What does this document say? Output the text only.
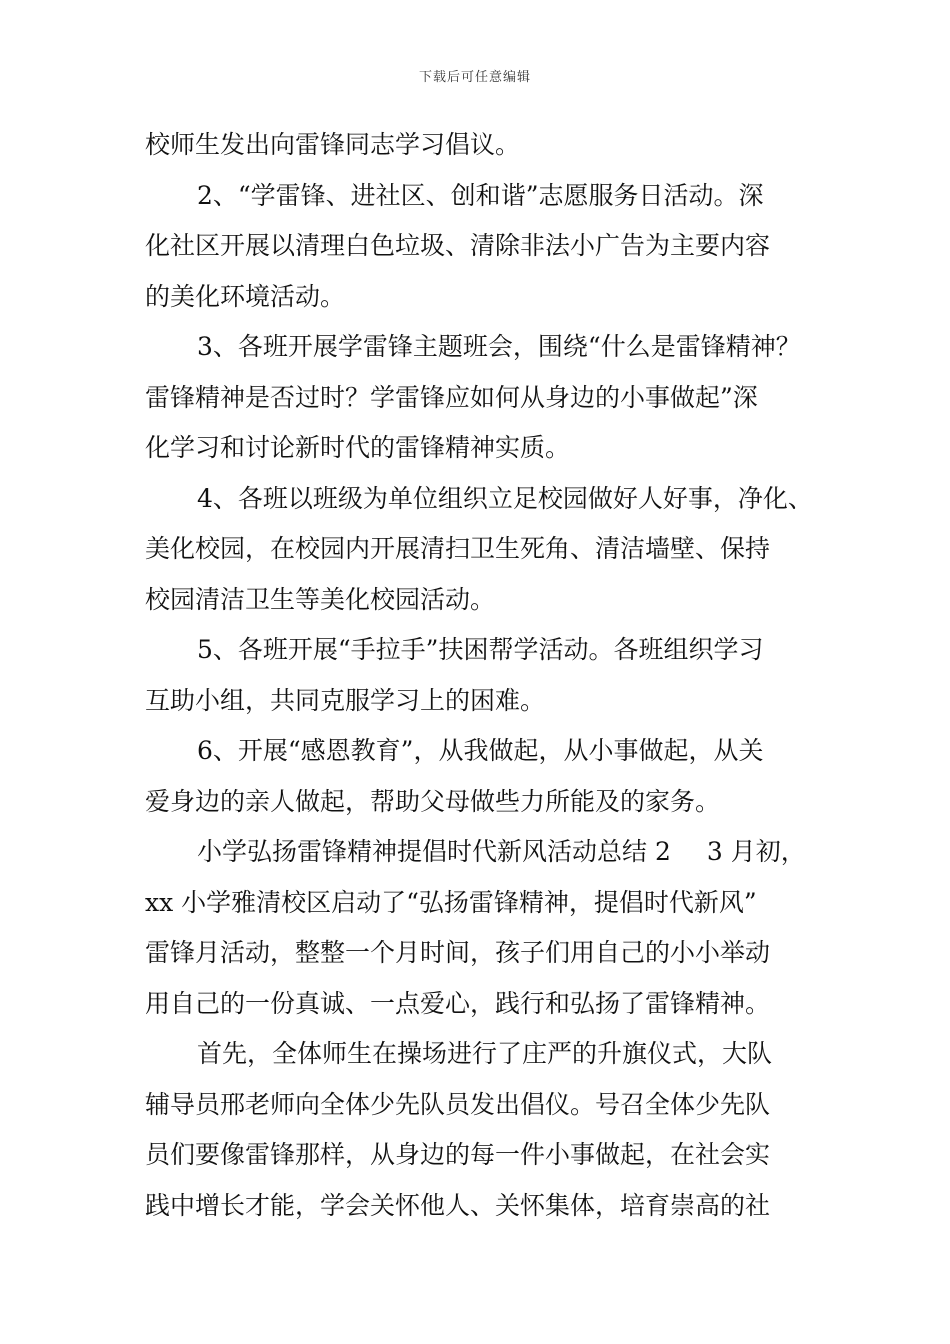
下载后可任意编辑
校师生发出向雷锋同志学习倡议。
2、“学雷锋、进社区、创和谐”志愿服务日活动。深
化社区开展以清理白色垃圾、清除非法小广告为主要内容
的美化环境活动。
3、各班开展学雷锋主题班会，围绕“什么是雷锋精神？
雷锋精神是否过时？学雷锋应如何从身边的小事做起”深
化学习和讨论新时代的雷锋精神实质。
4、各班以班级为单位组织立足校园做好人好事，净化、
美化校园，在校园内开展清扫卫生死角、清洁墙壁、保持
校园清洁卫生等美化校园活动。
5、各班开展“手拉手”扶困帮学活动。各班组织学习
互助小组，共同克服学习上的困难。
6、开展“感恩教育”，从我做起，从小事做起，从关
爱身边的亲人做起，帮助父母做些力所能及的家务。
小学弘扬雷锋精神提倡时代新风活动总结 2 3 月初，
xx 小学雅清校区启动了“弘扬雷锋精神，提倡时代新风”
雷锋月活动，整整一个月时间，孩子们用自己的小小举动
用自己的一份真诚、一点爱心，践行和弘扬了雷锋精神。
首先，全体师生在操场进行了庄严的升旗仪式，大队
辅导员邢老师向全体少先队员发出倡仪。号召全体少先队
员们要像雷锋那样，从身边的每一件小事做起，在社会实
践中增长才能，学会关怀他人、关怀集体，培育崇高的社
